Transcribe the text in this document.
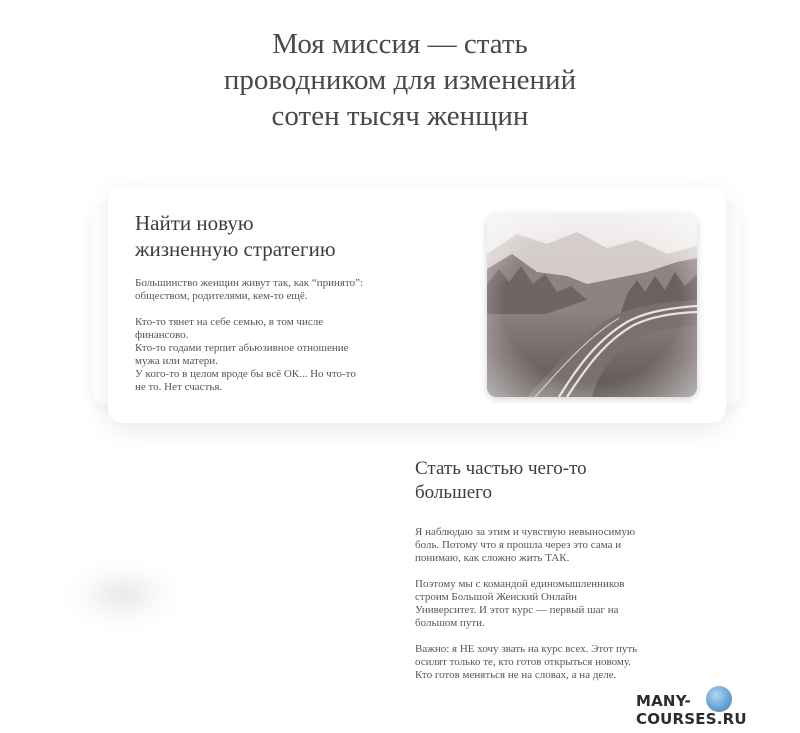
Моя миссия — стать
проводником для изменений
сотен тысяч женщин
Найти новую
жизненную стратегию

Большинство женщин живут так, как “принято”:
обществом, родителями, кем-то ещё.

Кто-то тянет на себе семью, в том числе
финансово.
Кто-то годами терпит абьюзивное отношение
мужа или матери.
У кого-то в целом вроде бы всё ОК... Но что-то
не то. Нет счастья.

Стать частью чего-то
большего

Я наблюдаю за этим и чувствую невыносимую
боль. Потому что я прошла через это сама и
понимаю, как сложно жить ТАК.

Поэтому мы с командой единомышленников
строим Большой Женский Онлайн
Университет. И этот курс — первый шаг на
большом пути.

Важно: я НЕ хочу звать на курс всех. Этот путь
осилят только те, кто готов открыться новому.
Кто готов меняться не на словах, а на деле.

MANY-COURSES.RU
